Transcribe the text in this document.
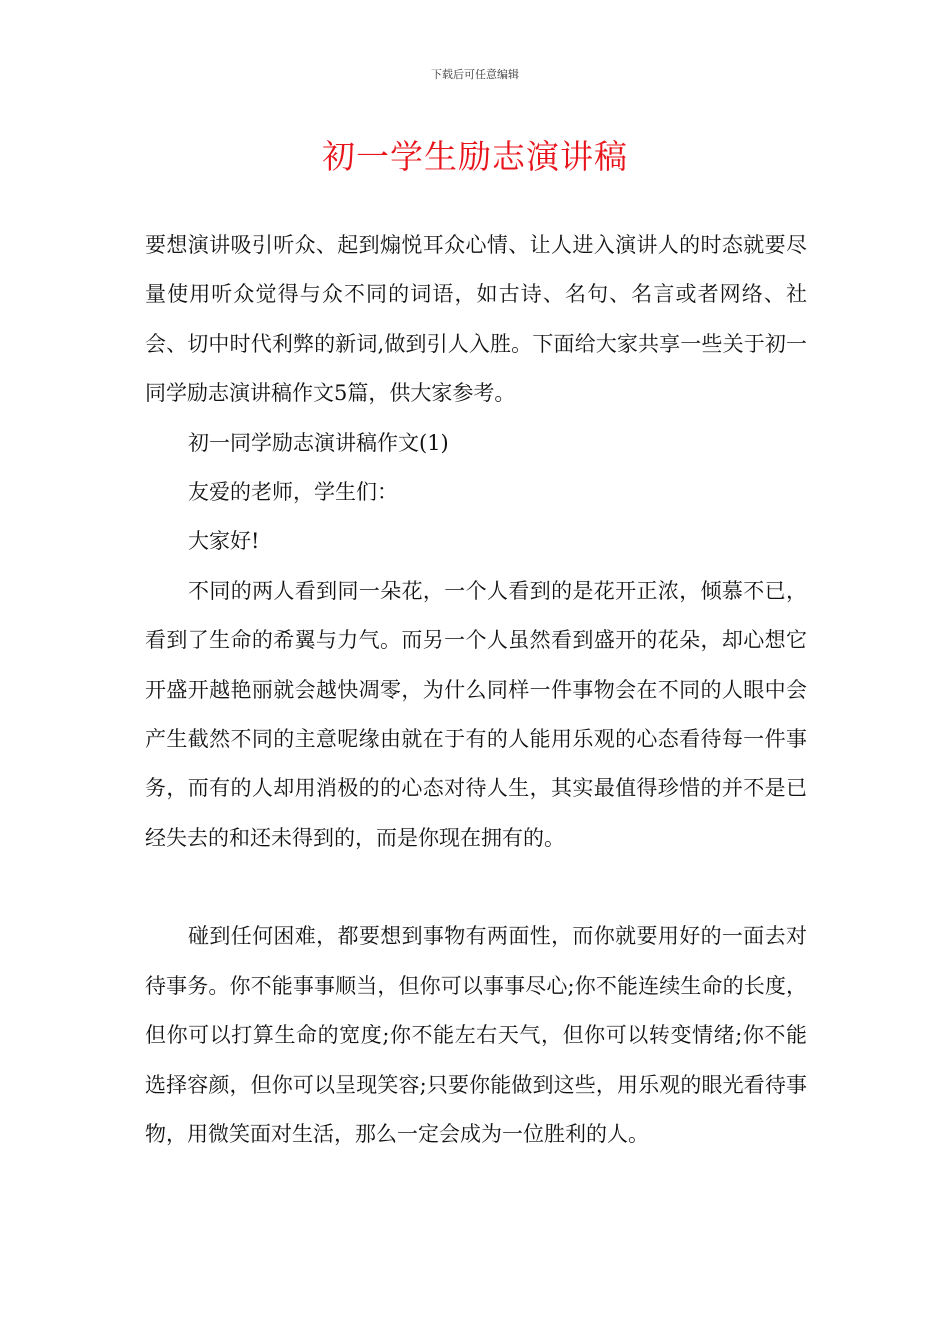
下载后可任意编辑
初一学生励志演讲稿

要想演讲吸引听众、起到煽悦耳众心情、让人进入演讲人的时态就要尽量使用听众觉得与众不同的词语，如古诗、名句、名言或者网络、社会、切中时代利弊的新词,做到引人入胜。下面给大家共享一些关于初一同学励志演讲稿作文5篇，供大家参考。

初一同学励志演讲稿作文(1)

友爱的老师，学生们：

大家好!

不同的两人看到同一朵花，一个人看到的是花开正浓，倾慕不已，看到了生命的希翼与力气。而另一个人虽然看到盛开的花朵，却心想它开盛开越艳丽就会越快凋零，为什么同样一件事物会在不同的人眼中会产生截然不同的主意呢缘由就在于有的人能用乐观的心态看待每一件事务，而有的人却用消极的的心态对待人生，其实最值得珍惜的并不是已经失去的和还未得到的，而是你现在拥有的。

碰到任何困难，都要想到事物有两面性，而你就要用好的一面去对待事务。你不能事事顺当，但你可以事事尽心;你不能连续生命的长度，但你可以打算生命的宽度;你不能左右天气，但你可以转变情绪;你不能选择容颜，但你可以呈现笑容;只要你能做到这些，用乐观的眼光看待事物，用微笑面对生活，那么一定会成为一位胜利的人。
